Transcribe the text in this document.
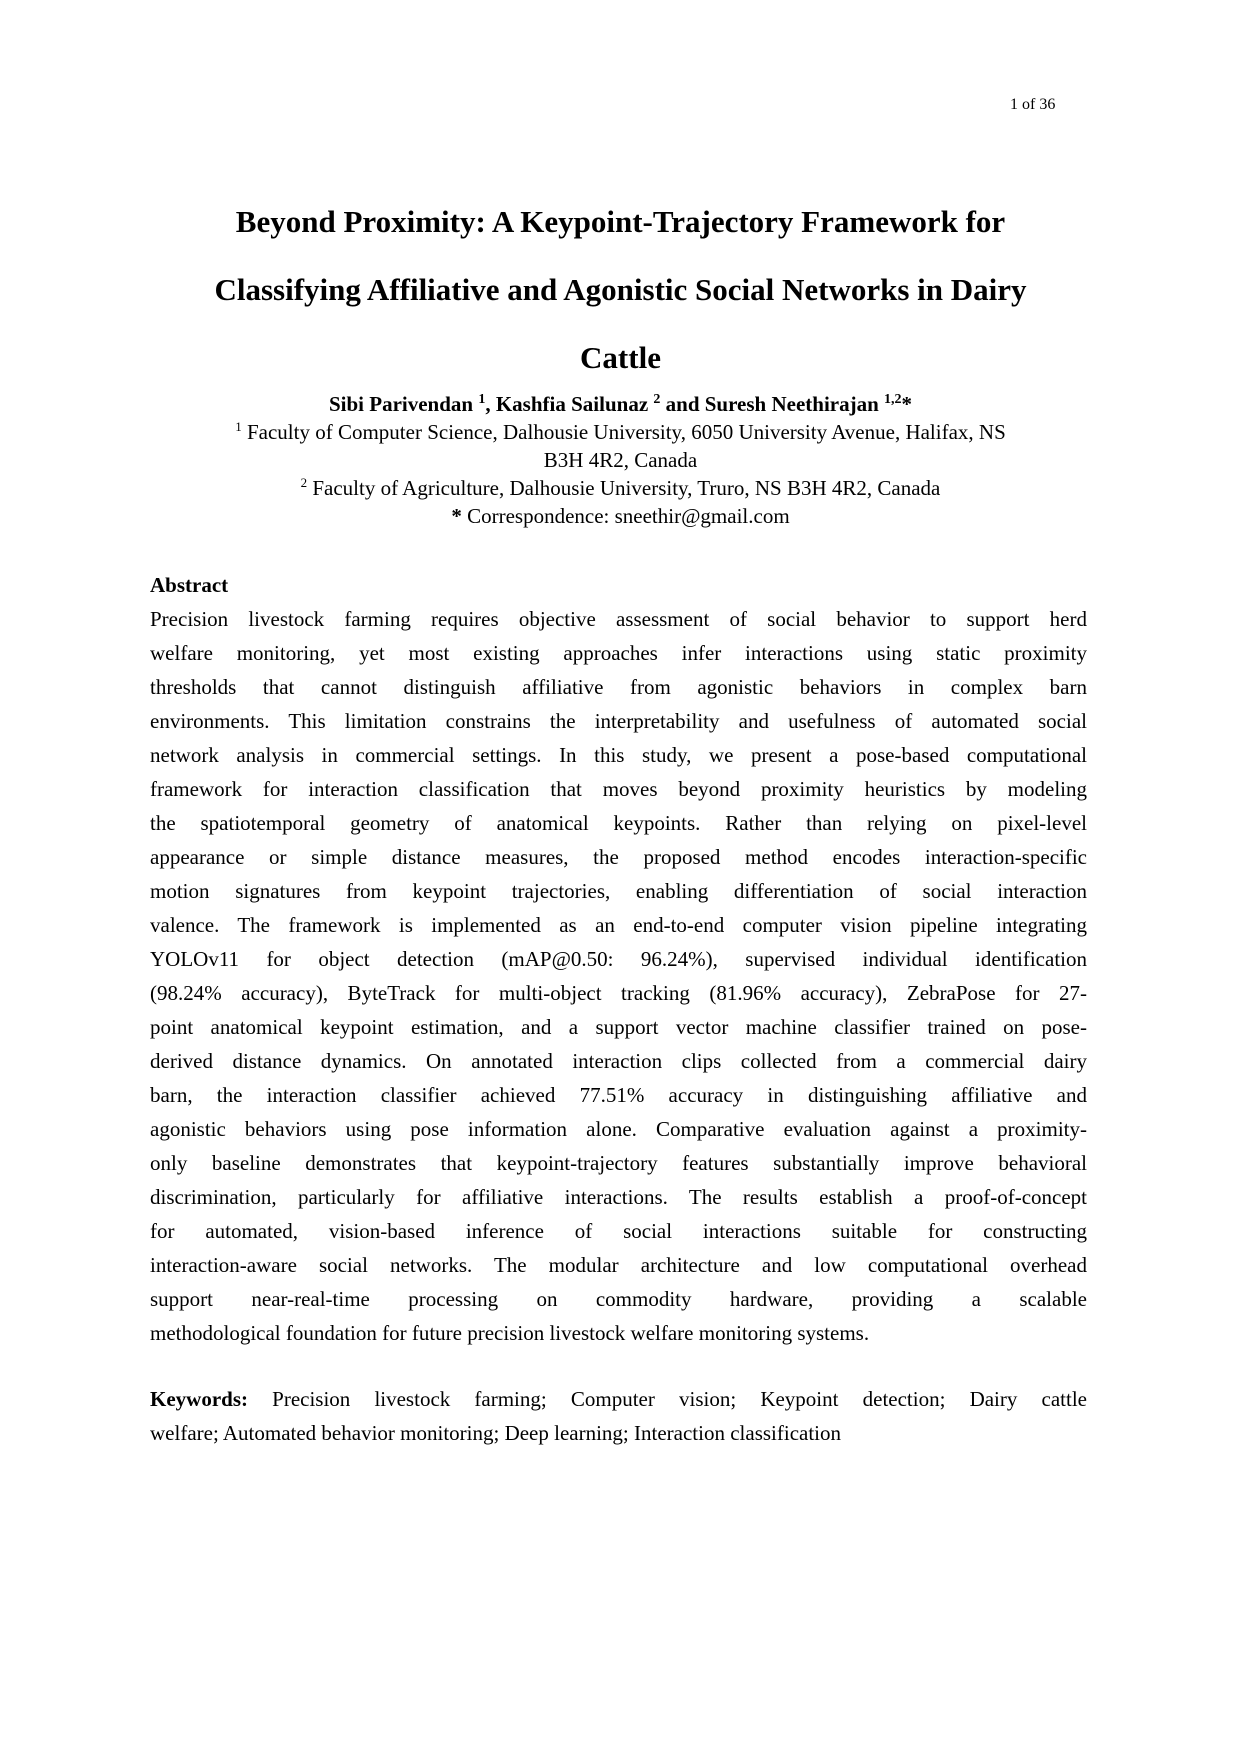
1 of 36
Beyond Proximity: A Keypoint-Trajectory Framework for
Classifying Affiliative and Agonistic Social Networks in Dairy
Cattle
Sibi Parivendan $^1$, Kashfia Sailunaz $^2$ and Suresh Neethirajan $^{1,2}$*
$^1$ Faculty of Computer Science, Dalhousie University, 6050 University Avenue, Halifax, NS
B3H 4R2, Canada
$^2$ Faculty of Agriculture, Dalhousie University, Truro, NS B3H 4R2, Canada
* Correspondence: sneethir@gmail.com
Abstract
Precision livestock farming requires objective assessment of social behavior to support herd
welfare monitoring, yet most existing approaches infer interactions using static proximity
thresholds that cannot distinguish affiliative from agonistic behaviors in complex barn
environments. This limitation constrains the interpretability and usefulness of automated social
network analysis in commercial settings. In this study, we present a pose-based computational
framework for interaction classification that moves beyond proximity heuristics by modeling
the spatiotemporal geometry of anatomical keypoints. Rather than relying on pixel-level
appearance or simple distance measures, the proposed method encodes interaction-specific
motion signatures from keypoint trajectories, enabling differentiation of social interaction
valence. The framework is implemented as an end-to-end computer vision pipeline integrating
YOLOv11 for object detection (mAP@0.50: 96.24%), supervised individual identification
(98.24% accuracy), ByteTrack for multi-object tracking (81.96% accuracy), ZebraPose for 27-
point anatomical keypoint estimation, and a support vector machine classifier trained on pose-
derived distance dynamics. On annotated interaction clips collected from a commercial dairy
barn, the interaction classifier achieved 77.51% accuracy in distinguishing affiliative and
agonistic behaviors using pose information alone. Comparative evaluation against a proximity-
only baseline demonstrates that keypoint-trajectory features substantially improve behavioral
discrimination, particularly for affiliative interactions. The results establish a proof-of-concept
for automated, vision-based inference of social interactions suitable for constructing
interaction-aware social networks. The modular architecture and low computational overhead
support near-real-time processing on commodity hardware, providing a scalable
methodological foundation for future precision livestock welfare monitoring systems.
Keywords: Precision livestock farming; Computer vision; Keypoint detection; Dairy cattle
welfare; Automated behavior monitoring; Deep learning; Interaction classification
